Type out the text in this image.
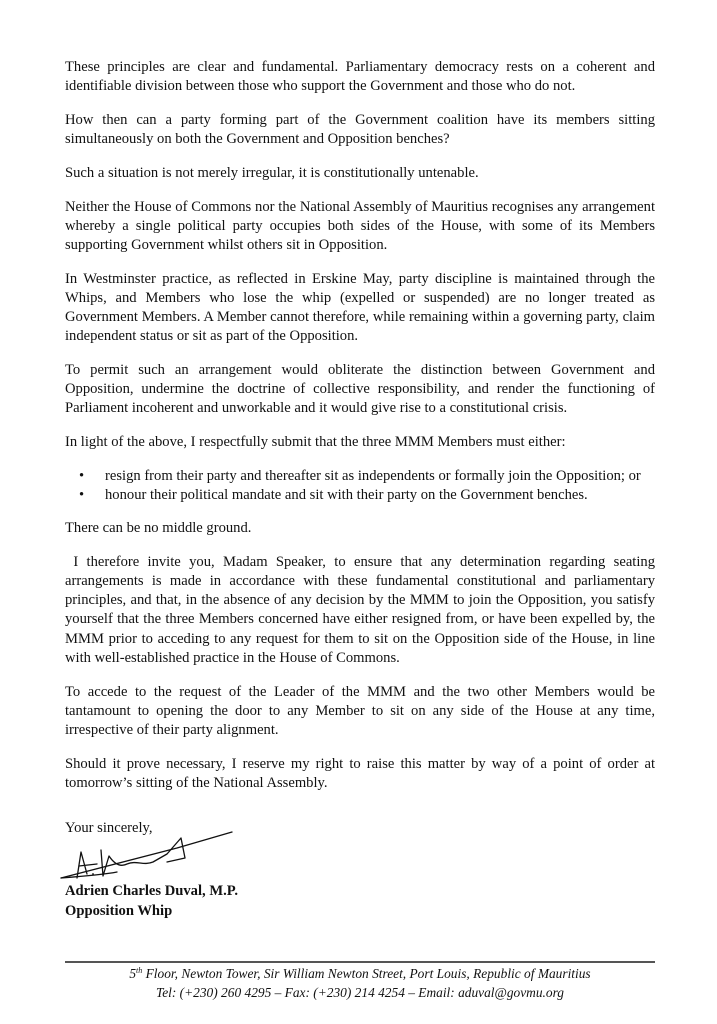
These principles are clear and fundamental. Parliamentary democracy rests on a coherent and identifiable division between those who support the Government and those who do not.

How then can a party forming part of the Government coalition have its members sitting simultaneously on both the Government and Opposition benches?

Such a situation is not merely irregular, it is constitutionally untenable.

Neither the House of Commons nor the National Assembly of Mauritius recognises any arrangement whereby a single political party occupies both sides of the House, with some of its Members supporting Government whilst others sit in Opposition.

In Westminster practice, as reflected in Erskine May, party discipline is maintained through the Whips, and Members who lose the whip (expelled or suspended) are no longer treated as Government Members. A Member cannot therefore, while remaining within a governing party, claim independent status or sit as part of the Opposition.

To permit such an arrangement would obliterate the distinction between Government and Opposition, undermine the doctrine of collective responsibility, and render the functioning of Parliament incoherent and unworkable and it would give rise to a constitutional crisis.

In light of the above, I respectfully submit that the three MMM Members must either:

• resign from their party and thereafter sit as independents or formally join the Opposition; or
• honour their political mandate and sit with their party on the Government benches.

There can be no middle ground.

I therefore invite you, Madam Speaker, to ensure that any determination regarding seating arrangements is made in accordance with these fundamental constitutional and parliamentary principles, and that, in the absence of any decision by the MMM to join the Opposition, you satisfy yourself that the three Members concerned have either resigned from, or have been expelled by, the MMM prior to acceding to any request for them to sit on the Opposition side of the House, in line with well-established practice in the House of Commons.

To accede to the request of the Leader of the MMM and the two other Members would be tantamount to opening the door to any Member to sit on any side of the House at any time, irrespective of their party alignment.

Should it prove necessary, I reserve my right to raise this matter by way of a point of order at tomorrow’s sitting of the National Assembly.

Your sincerely,

Adrien Charles Duval, M.P.

Opposition Whip

5th Floor, Newton Tower, Sir William Newton Street, Port Louis, Republic of Mauritius
Tel: (+230) 260 4295 – Fax: (+230) 214 4254 – Email: aduval@govmu.org
